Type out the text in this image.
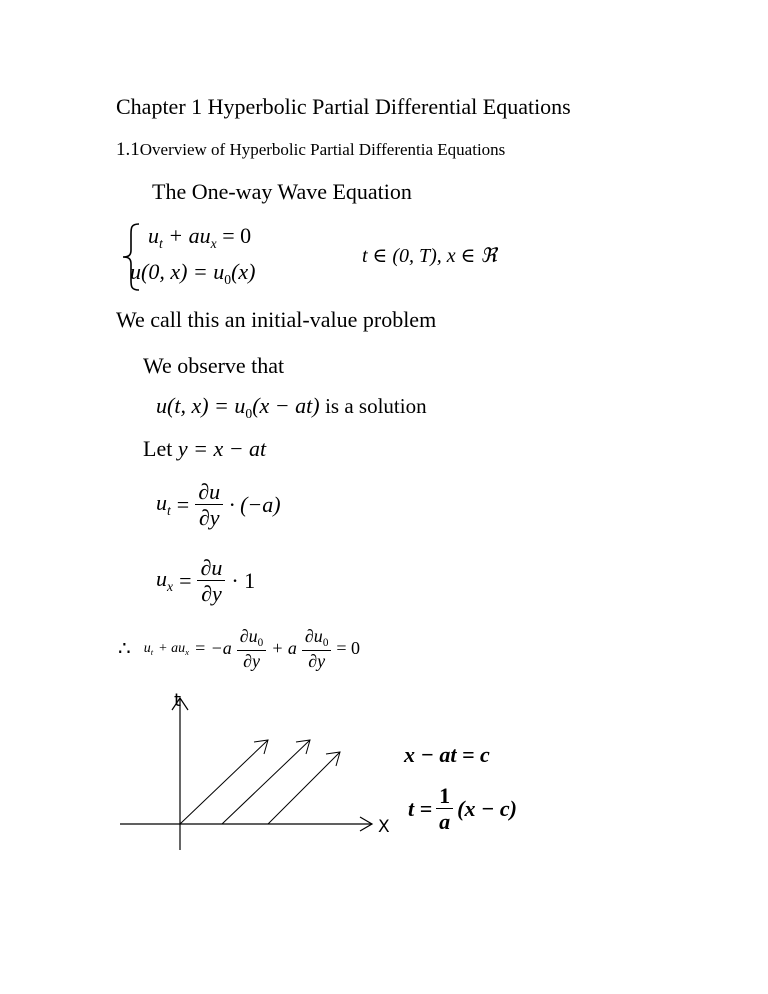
Chapter 1 Hyperbolic Partial Differential Equations
1.1Overview of Hyperbolic Partial Differentia Equations
The One-way Wave Equation
$u_t + au_x = 0$
u(0, $x) = u_0(x)$
t ∈ (0, T), x ∈ ℜ
We call this an initial-value problem
We observe that
u(t, $x) = u_0(x - at)$ is a solution
Let y = x − at
$u_t = \frac{\partial u}{\partial y} \cdot (-a)$
$u_x = \frac{\partial u}{\partial y} \cdot 1$
∴ $u_t + au_x = -a \frac{\partial u_0}{\partial y} + a \frac{\partial u_0}{\partial y} = 0$
t
X
x − at = c
$t = \frac{1}{a} (x - c)$
